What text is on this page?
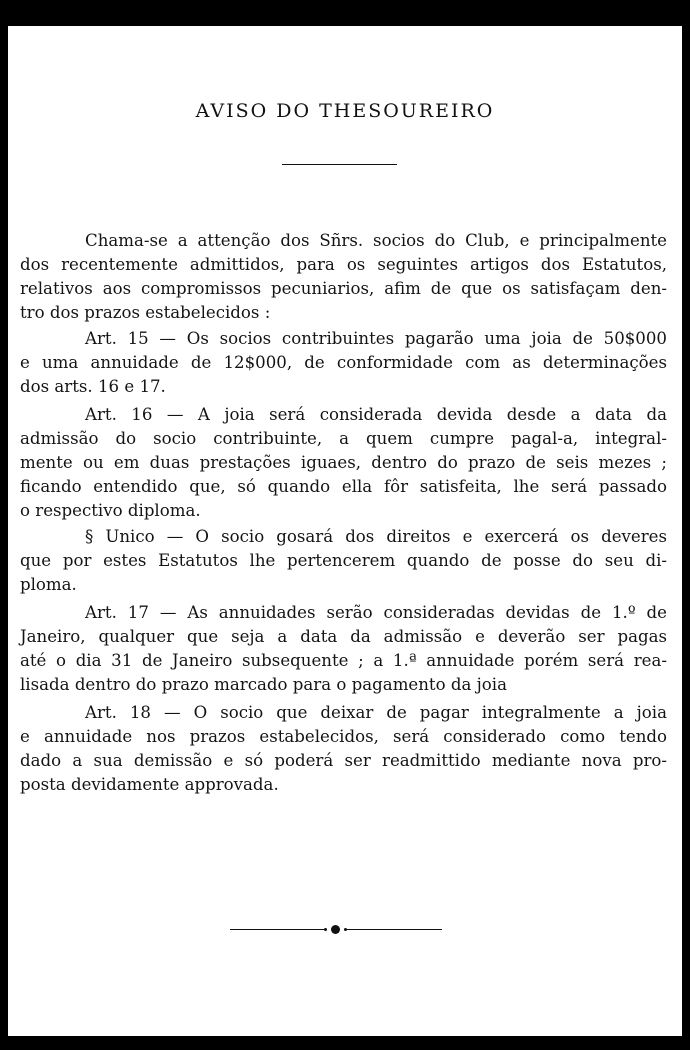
AVISO DO THESOUREIRO
Chama-se a attenção dos Sñrs. socios do Club, e principalmente
dos recentemente admittidos, para os seguintes artigos dos Estatutos,
relativos aos compromissos pecuniarios, afim de que os satisfaçam den-
tro dos prazos estabelecidos :
Art. 15 — Os socios contribuintes pagarão uma joia de 50$000
e uma annuidade de 12$000, de conformidade com as determinações
dos arts. 16 e 17.
Art. 16 — A joia será considerada devida desde a data da
admissão do socio contribuinte, a quem cumpre pagal-a, integral-
mente ou em duas prestações iguaes, dentro do prazo de seis mezes ;
ficando entendido que, só quando ella fôr satisfeita, lhe será passado
o respectivo diploma.
§ Unico — O socio gosará dos direitos e exercerá os deveres
que por estes Estatutos lhe pertencerem quando de posse do seu di-
ploma.
Art. 17 — As annuidades serão consideradas devidas de 1.º de
Janeiro, qualquer que seja a data da admissão e deverão ser pagas
até o dia 31 de Janeiro subsequente ; a 1.ª annuidade porém será rea-
lisada dentro do prazo marcado para o pagamento da joia
Art. 18 — O socio que deixar de pagar integralmente a joia
e annuidade nos prazos estabelecidos, será considerado como tendo
dado a sua demissão e só poderá ser readmittido mediante nova pro-
posta devidamente approvada.
